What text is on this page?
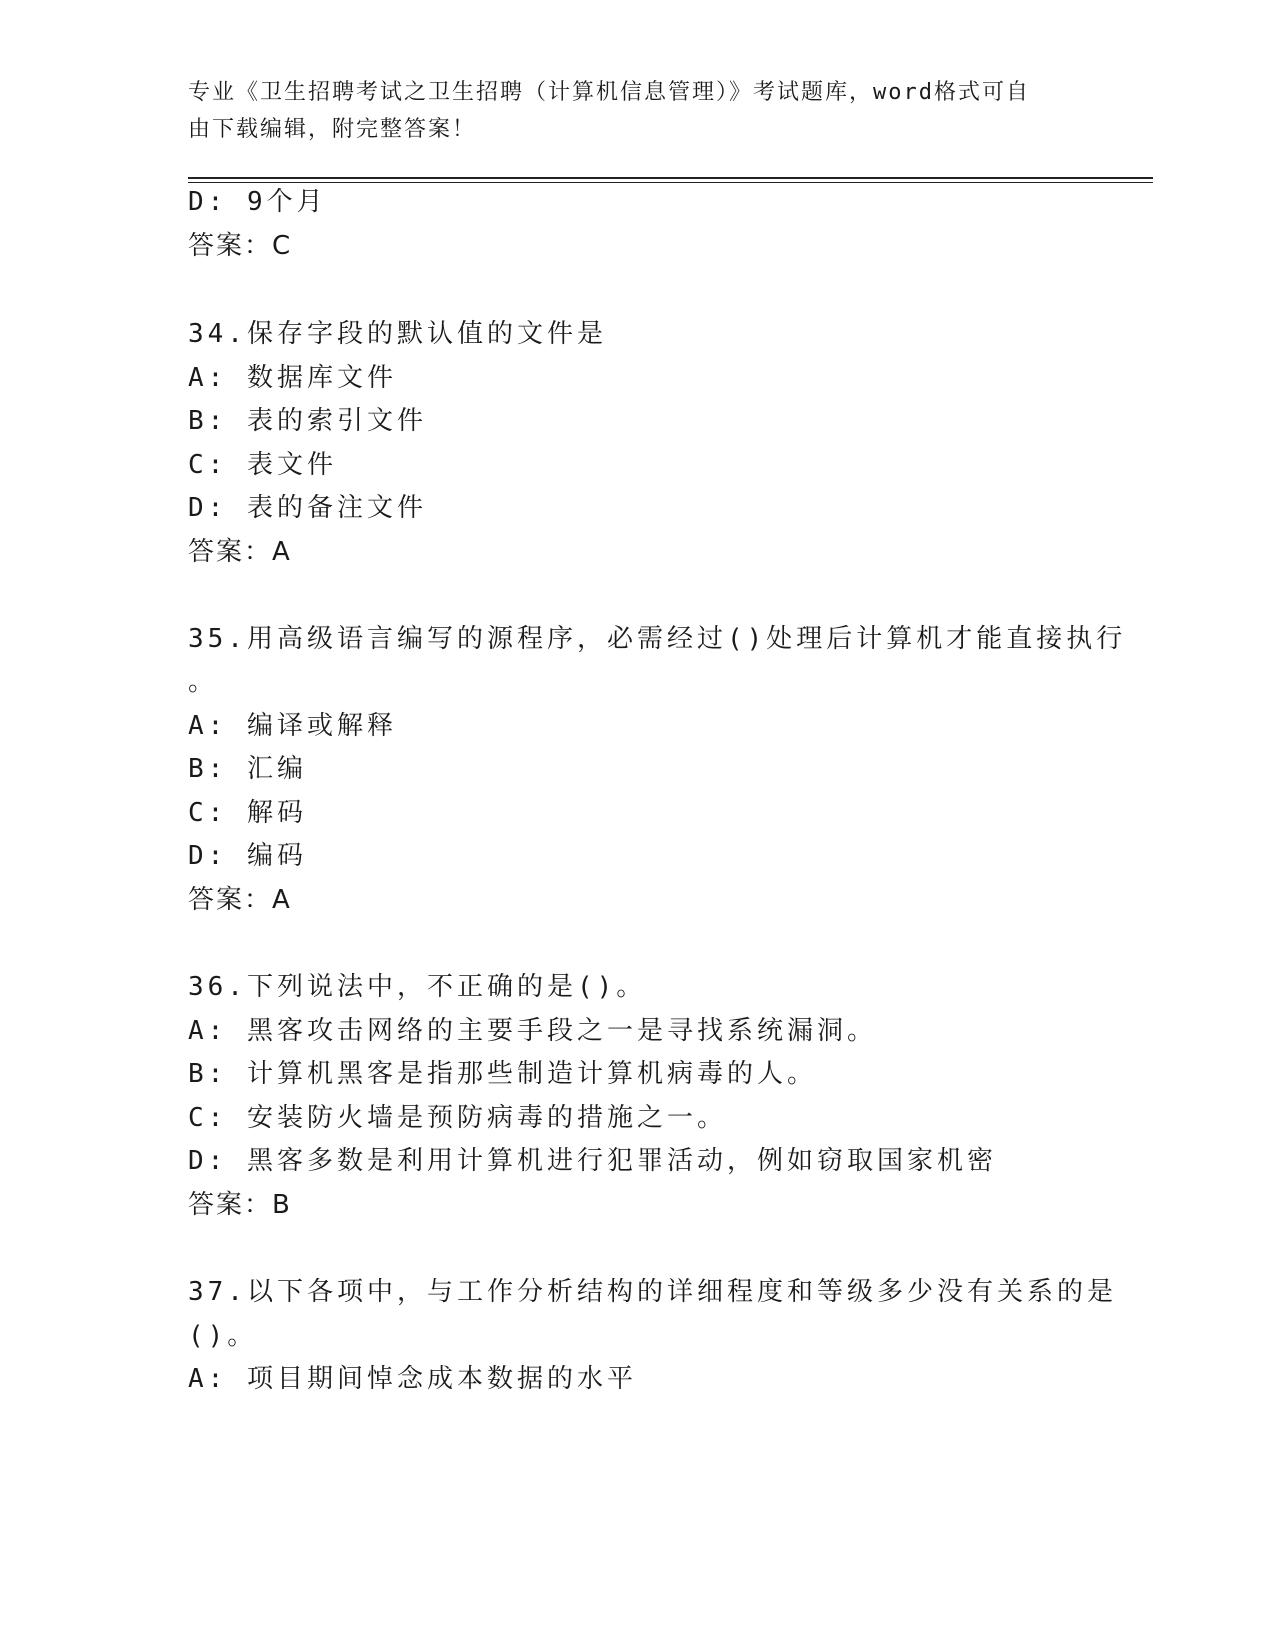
专业《卫生招聘考试之卫生招聘（计算机信息管理）》考试题库，word格式可自
由下载编辑，附完整答案！
D: 9个月
答案：C
34.保存字段的默认值的文件是
A: 数据库文件
B: 表的索引文件
C: 表文件
D: 表的备注文件
答案：A
35.用高级语言编写的源程序，必需经过()处理后计算机才能直接执行
。
A: 编译或解释
B: 汇编
C: 解码
D: 编码
答案：A
36.下列说法中，不正确的是()。
A: 黑客攻击网络的主要手段之一是寻找系统漏洞。
B: 计算机黑客是指那些制造计算机病毒的人。
C: 安装防火墙是预防病毒的措施之一。
D: 黑客多数是利用计算机进行犯罪活动，例如窃取国家机密
答案：B
37.以下各项中，与工作分析结构的详细程度和等级多少没有关系的是
()。
A: 项目期间悼念成本数据的水平
